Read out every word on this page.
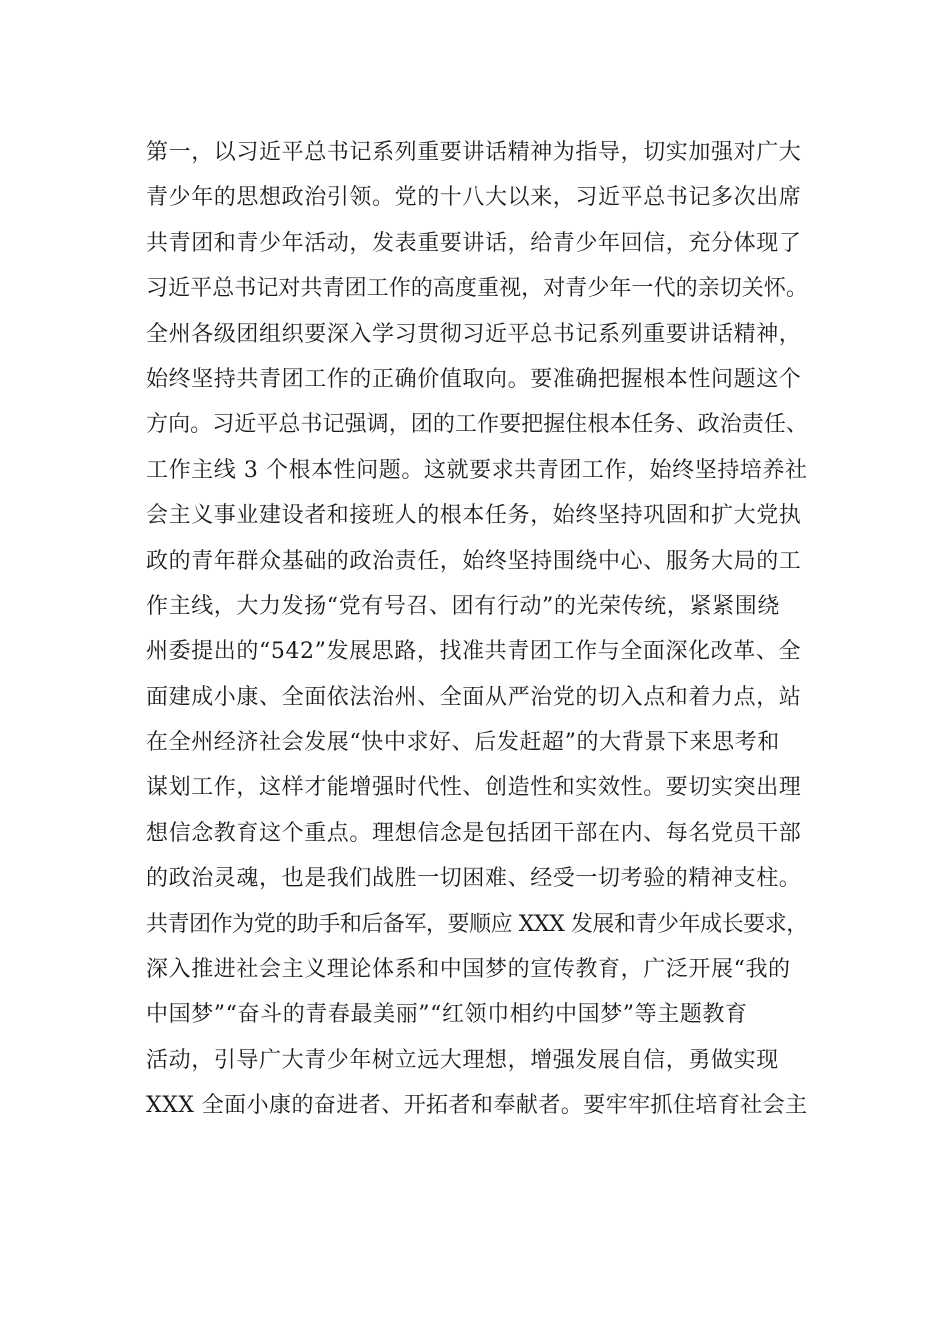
第一，以习近平总书记系列重要讲话精神为指导，切实加强对广大
青少年的思想政治引领。党的十八大以来，习近平总书记多次出席
共青团和青少年活动，发表重要讲话，给青少年回信，充分体现了
习近平总书记对共青团工作的高度重视，对青少年一代的亲切关怀。
全州各级团组织要深入学习贯彻习近平总书记系列重要讲话精神，
始终坚持共青团工作的正确价值取向。要准确把握根本性问题这个
方向。习近平总书记强调，团的工作要把握住根本任务、政治责任、
工作主线 3 个根本性问题。这就要求共青团工作，始终坚持培养社
会主义事业建设者和接班人的根本任务，始终坚持巩固和扩大党执
政的青年群众基础的政治责任，始终坚持围绕中心、服务大局的工
作主线，大力发扬“党有号召、团有行动”的光荣传统，紧紧围绕
州委提出的“542”发展思路，找准共青团工作与全面深化改革、全
面建成小康、全面依法治州、全面从严治党的切入点和着力点，站
在全州经济社会发展“快中求好、后发赶超”的大背景下来思考和
谋划工作，这样才能增强时代性、创造性和实效性。要切实突出理
想信念教育这个重点。理想信念是包括团干部在内、每名党员干部
的政治灵魂，也是我们战胜一切困难、经受一切考验的精神支柱。
共青团作为党的助手和后备军，要顺应 XXX 发展和青少年成长要求，
深入推进社会主义理论体系和中国梦的宣传教育，广泛开展“我的
中国梦”“奋斗的青春最美丽”“红领巾相约中国梦”等主题教育
活动，引导广大青少年树立远大理想，增强发展自信，勇做实现
XXX 全面小康的奋进者、开拓者和奉献者。要牢牢抓住培育社会主
